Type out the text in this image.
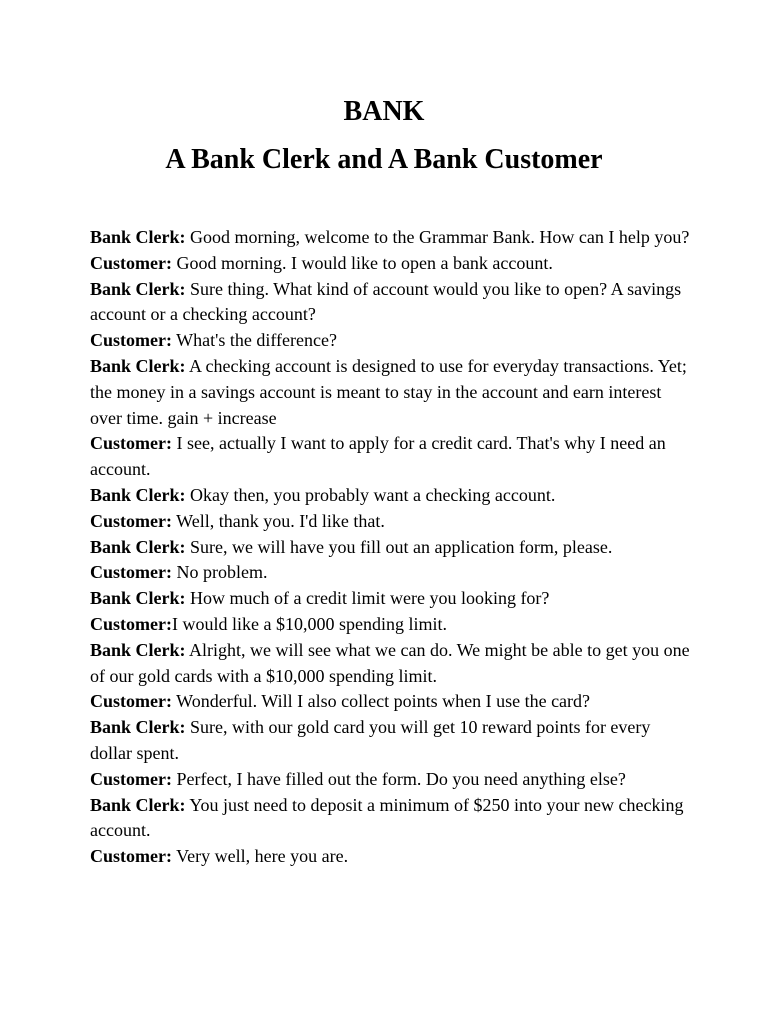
BANK
A Bank Clerk and A Bank Customer

Bank Clerk: Good morning, welcome to the Grammar Bank. How can I help you?

Customer: Good morning. I would like to open a bank account.

Bank Clerk: Sure thing. What kind of account would you like to open? A savings account or a checking account?

Customer: What's the difference?

Bank Clerk: A checking account is designed to use for everyday transactions. Yet; the money in a savings account is meant to stay in the account and earn interest over time. gain + increase

Customer: I see, actually I want to apply for a credit card. That's why I need an account.

Bank Clerk: Okay then, you probably want a checking account.

Customer: Well, thank you. I'd like that.

Bank Clerk: Sure, we will have you fill out an application form, please.

Customer: No problem.

Bank Clerk: How much of a credit limit were you looking for?

Customer:I would like a $10,000 spending limit.

Bank Clerk: Alright, we will see what we can do. We might be able to get you one of our gold cards with a $10,000 spending limit.

Customer: Wonderful. Will I also collect points when I use the card?

Bank Clerk: Sure, with our gold card you will get 10 reward points for every dollar spent.

Customer: Perfect, I have filled out the form. Do you need anything else?

Bank Clerk: You just need to deposit a minimum of $250 into your new checking account.

Customer: Very well, here you are.
